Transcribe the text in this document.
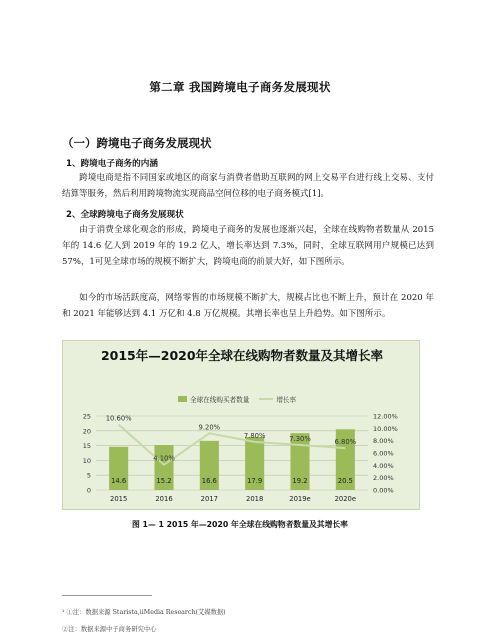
第二章 我国跨境电子商务发展现状
（一）跨境电子商务发展现状
1、跨境电子商务的内涵

跨境电商是指不同国家或地区的商家与消费者借助互联网的网上交易平台进行线上交易、支付结算等服务，然后利用跨境物流实现商品空间位移的电子商务模式[1]。

2、全球跨境电子商务发展现状

由于消费全球化观念的形成，跨境电子商务的发展也逐渐兴起，全球在线购物者数量从 2015 年的 14.6 亿人到 2019 年的 19.2 亿人，增长率达到 7.3%，同时，全球互联网用户规模已达到 57%，1可见全球市场的规模不断扩大，跨境电商的前景大好，如下图所示。

如今的市场活跃度高，网络零售的市场规模不断扩大，规模占比也不断上升，预计在 2020 年和 2021 年能够达到 4.1 万亿和 4.8 万亿规模。其增长率也呈上升趋势。如下图所示。

2015年—2020年全球在线购物者数量及其增长率
全球在线购买者数量	增长率
0
5
10
15
20
25
0.00%
2.00%
4.00%
6.00%
8.00%
10.00%
12.00%
14.6	15.2	16.6	17.9	19.2	20.5
10.60%
4.10%
9.20%
7.80%	7.30%	6.80%
2015	2016	2017	2018	2019e	2020e
图 1— 1 2015 年—2020 年全球在线购物者数量及其增长率
¹ ①注：数据来源 Starista,iiMedia Research(艾媒数据)
②注：数据来源中子商务研究中心
